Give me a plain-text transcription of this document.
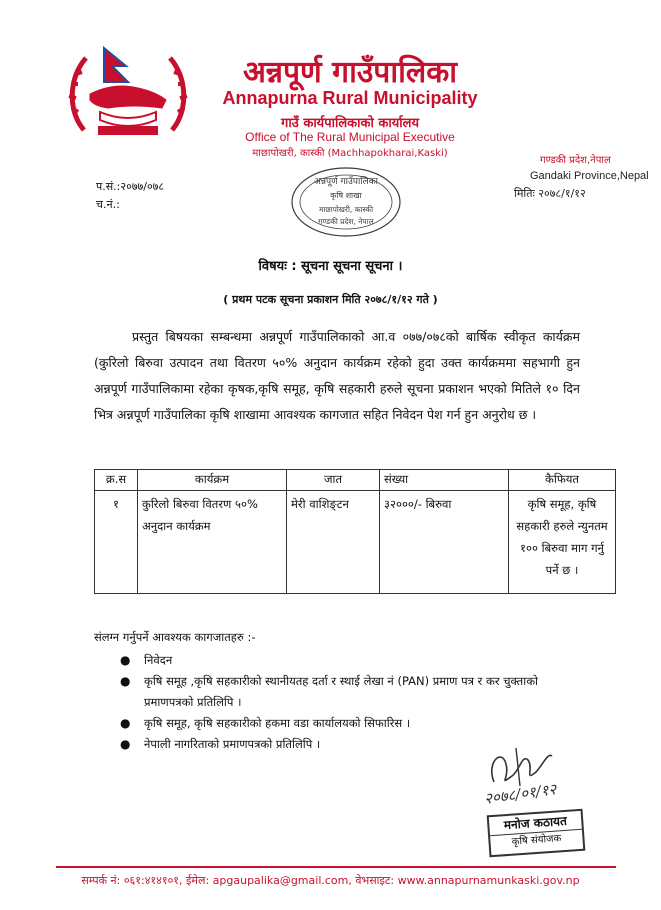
अन्नपूर्ण गाउँपालिका
Annapurna Rural Municipality
गाउँ कार्यपालिकाको कार्यालय
Office of The Rural Municipal Executive
माछापोखरी, कास्की (Machhapokharai,Kaski)
गण्डकी प्रदेश,नेपाल
Gandaki Province,Nepal
मितिः २०७८/१/१२
प.सं.:२०७७/०७८
च.नं.:
अन्नपूर्ण गाउँपालिका
कृषि शाखा
माछापोखरी, कास्की
गण्डकी प्रदेश, नेपाल
विषयः : सूचना सूचना सूचना ।
( प्रथम पटक सूचना प्रकाशन मिति २०७८/१/१२ गते )
प्रस्तुत बिषयका सम्बन्धमा अन्नपूर्ण गाउँपालिकाको आ.व ०७७/०७८को बार्षिक स्वीकृत कार्यक्रम (कुरिलो बिरुवा उत्पादन तथा वितरण ५०% अनुदान कार्यक्रम रहेको हुदा उक्त कार्यक्रममा सहभागी हुन अन्नपूर्ण गाउँपालिकामा रहेका कृषक,कृषि समूह, कृषि सहकारी हरुले सूचना प्रकाशन भएको मितिले १० दिन भित्र अन्नपूर्ण गाउँपालिका कृषि शाखामा आवश्यक कागजात सहित निवेदन पेश गर्न हुन अनुरोध छ ।
क्र.स	कार्यक्रम	जात	संख्या	कैफियत
१	कुरिलो बिरुवा वितरण ५०% अनुदान कार्यक्रम	मेरी वाशिङ्टन	३२०००/- बिरुवा	कृषि समूह, कृषि सहकारी हरुले न्युनतम १०० बिरुवा माग गर्नु पर्ने छ ।
संलग्न गर्नुपर्ने आवश्यक कागजातहरु :-
● निवेदन
● कृषि समूह ,कृषि सहकारीको स्थानीयतह दर्ता र स्थाई लेखा नं (PAN) प्रमाण पत्र र कर चुक्ताको प्रमाणपत्रको प्रतिलिपि ।
● कृषि समूह, कृषि सहकारीको हकमा वडा कार्यालयको सिफारिस ।
● नेपाली नागरिताको प्रमाणपत्रको प्रतिलिपि ।
२०७८/०१/१२
मनोज कठायत
कृषि संयोजक
सम्पर्क नं: ०६१:४१४१०१, ईमेल: apgaupalika@gmail.com, वेभसाइट: www.annapurnamunkaski.gov.np
